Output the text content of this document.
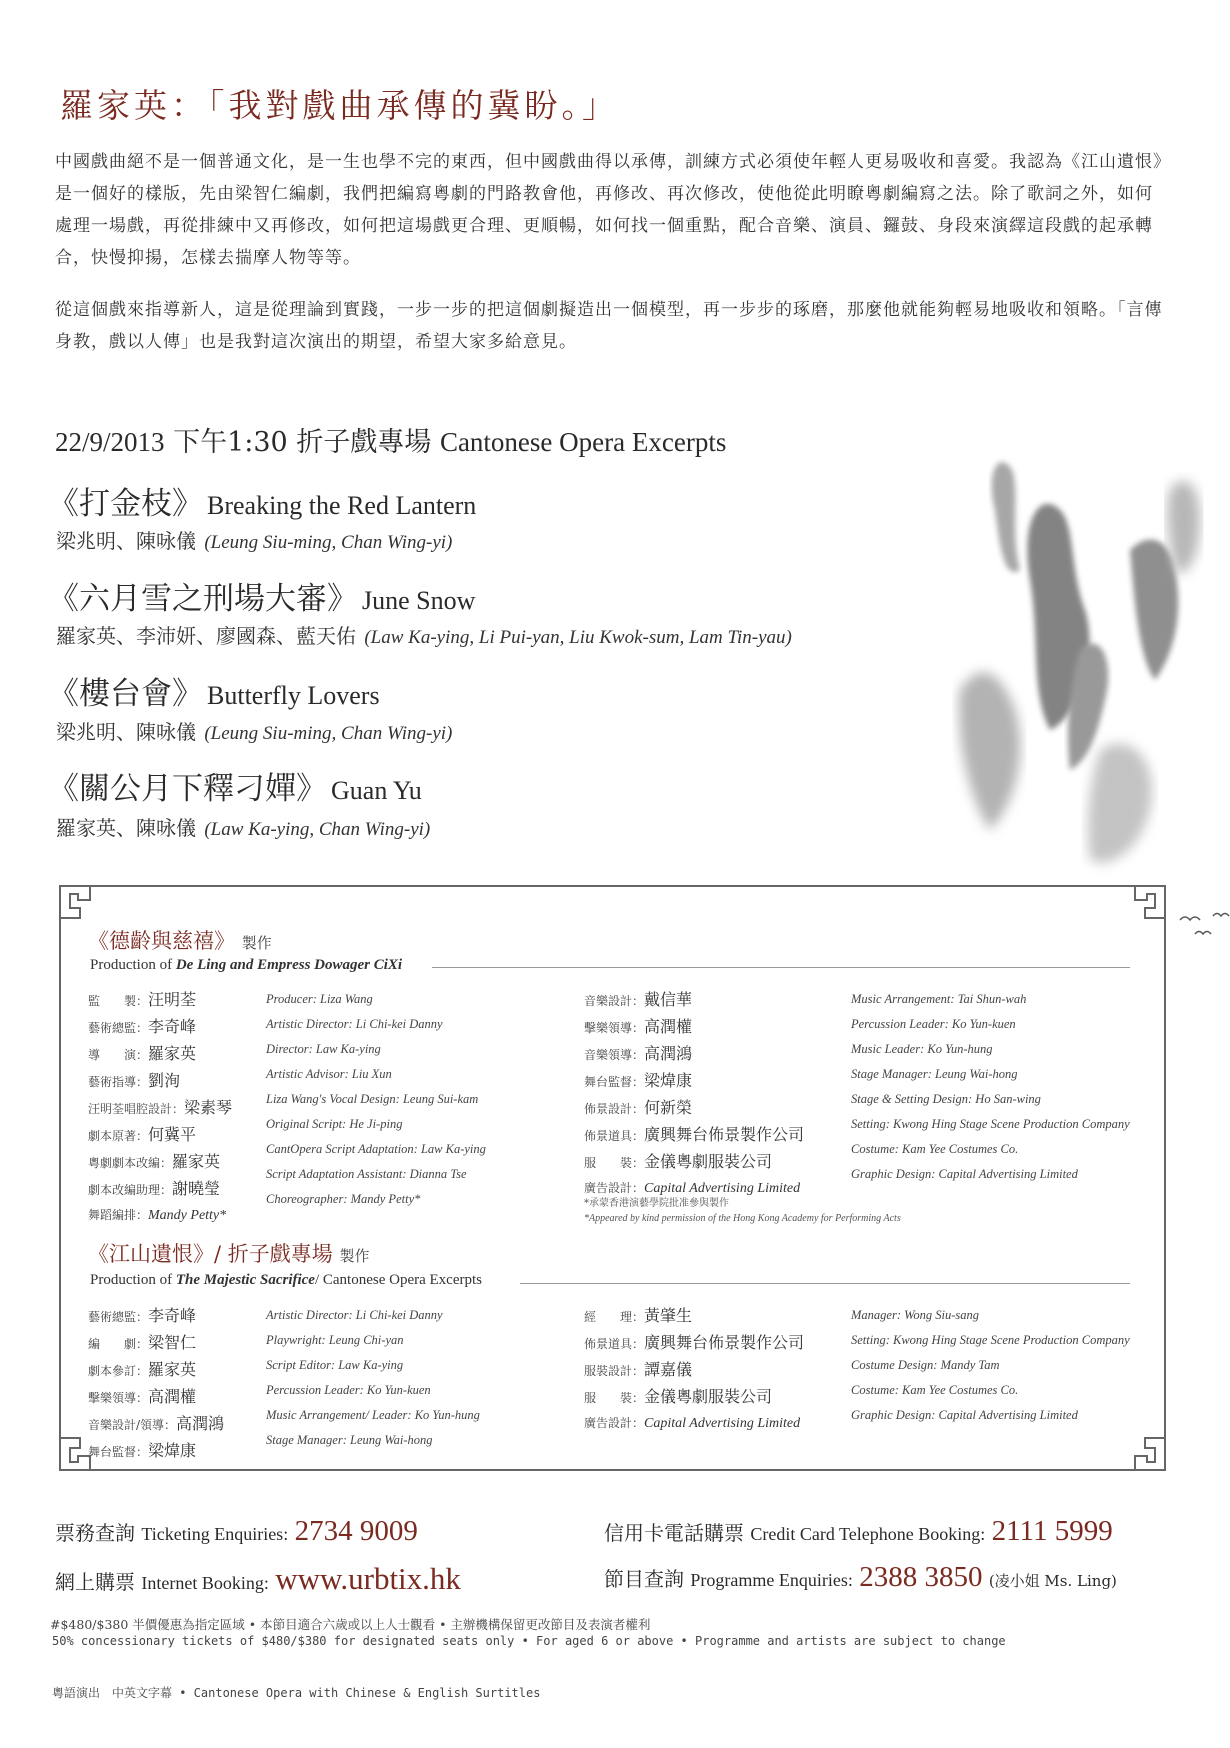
羅家英：「我對戲曲承傳的冀盼。」
中國戲曲絕不是一個普通文化，是一生也學不完的東西，但中國戲曲得以承傳，訓練方式必須使年輕人更易吸收和喜愛。我認為《江山遺恨》是一個好的樣版，先由梁智仁編劇，我們把編寫粵劇的門路教會他，再修改、再次修改，使他從此明瞭粵劇編寫之法。除了歌詞之外，如何處理一場戲，再從排練中又再修改，如何把這場戲更合理、更順暢，如何找一個重點，配合音樂、演員、鑼鼓、身段來演繹這段戲的起承轉合，快慢抑揚，怎樣去揣摩人物等等。
從這個戲來指導新人，這是從理論到實踐，一步一步的把這個劇擬造出一個模型，再一步步的琢磨，那麼他就能夠輕易地吸收和領略。「言傳身教，戲以人傳」也是我對這次演出的期望，希望大家多給意見。
22/9/2013 下午1:30 折子戲專場 Cantonese Opera Excerpts
《打金枝》 Breaking the Red Lantern
梁兆明、陳咏儀 (Leung Siu-ming, Chan Wing-yi)
《六月雪之刑場大審》 June Snow
羅家英、李沛妍、廖國森、藍天佑 (Law Ka-ying, Li Pui-yan, Liu Kwok-sum, Lam Tin-yau)
《樓台會》 Butterfly Lovers
梁兆明、陳咏儀 (Leung Siu-ming, Chan Wing-yi)
《關公月下釋刁嬋》 Guan Yu
羅家英、陳咏儀 (Law Ka-ying, Chan Wing-yi)
《德齡與慈禧》 製作
Production of De Ling and Empress Dowager CiXi
監　　製：汪明荃
藝術總監：李奇峰
導　　演：羅家英
藝術指導：劉洵
汪明荃唱腔設計：梁素琴
劇本原著：何冀平
粵劇劇本改編：羅家英
劇本改編助理：謝曉瑩
舞蹈編排：Mandy Petty*
Producer: Liza Wang
Artistic Director: Li Chi-kei Danny
Director: Law Ka-ying
Artistic Advisor: Liu Xun
Liza Wang's Vocal Design: Leung Sui-kam
Original Script: He Ji-ping
CantOpera Script Adaptation: Law Ka-ying
Script Adaptation Assistant: Dianna Tse
Choreographer: Mandy Petty*
音樂設計：戴信華
擊樂領導：高潤權
音樂領導：高潤鴻
舞台監督：梁煒康
佈景設計：何新榮
佈景道具：廣興舞台佈景製作公司
服　　裝：金儀粵劇服裝公司
廣告設計：Capital Advertising Limited
Music Arrangement: Tai Shun-wah
Percussion Leader: Ko Yun-kuen
Music Leader: Ko Yun-hung
Stage Manager: Leung Wai-hong
Stage & Setting Design: Ho San-wing
Setting: Kwong Hing Stage Scene Production Company
Costume: Kam Yee Costumes Co.
Graphic Design: Capital Advertising Limited
*承蒙香港演藝學院批准參與製作
*Appeared by kind permission of the Hong Kong Academy for Performing Acts
《江山遺恨》/ 折子戲專場 製作
Production of The Majestic Sacrifice/ Cantonese Opera Excerpts
藝術總監：李奇峰
編　　劇：梁智仁
劇本參訂：羅家英
擊樂領導：高潤權
音樂設計/領導：高潤鴻
舞台監督：梁煒康
Artistic Director: Li Chi-kei Danny
Playwright: Leung Chi-yan
Script Editor: Law Ka-ying
Percussion Leader: Ko Yun-kuen
Music Arrangement/ Leader: Ko Yun-hung
Stage Manager: Leung Wai-hong
經　　理：黃肇生
佈景道具：廣興舞台佈景製作公司
服裝設計：譚嘉儀
服　　裝：金儀粵劇服裝公司
廣告設計：Capital Advertising Limited
Manager: Wong Siu-sang
Setting: Kwong Hing Stage Scene Production Company
Costume Design: Mandy Tam
Costume: Kam Yee Costumes Co.
Graphic Design: Capital Advertising Limited
票務查詢 Ticketing Enquiries: 2734 9009	信用卡電話購票 Credit Card Telephone Booking: 2111 5999
網上購票 Internet Booking: www.urbtix.hk	節目查詢 Programme Enquiries: 2388 3850 (凌小姐 Ms. Ling)
#$480/$380 半價優惠為指定區域 • 本節目適合六歲或以上人士觀看 • 主辦機構保留更改節目及表演者權利
50% concessionary tickets of $480/$380 for designated seats only • For aged 6 or above • Programme and artists are subject to change
粵語演出　中英文字幕 • Cantonese Opera with Chinese & English Surtitles
